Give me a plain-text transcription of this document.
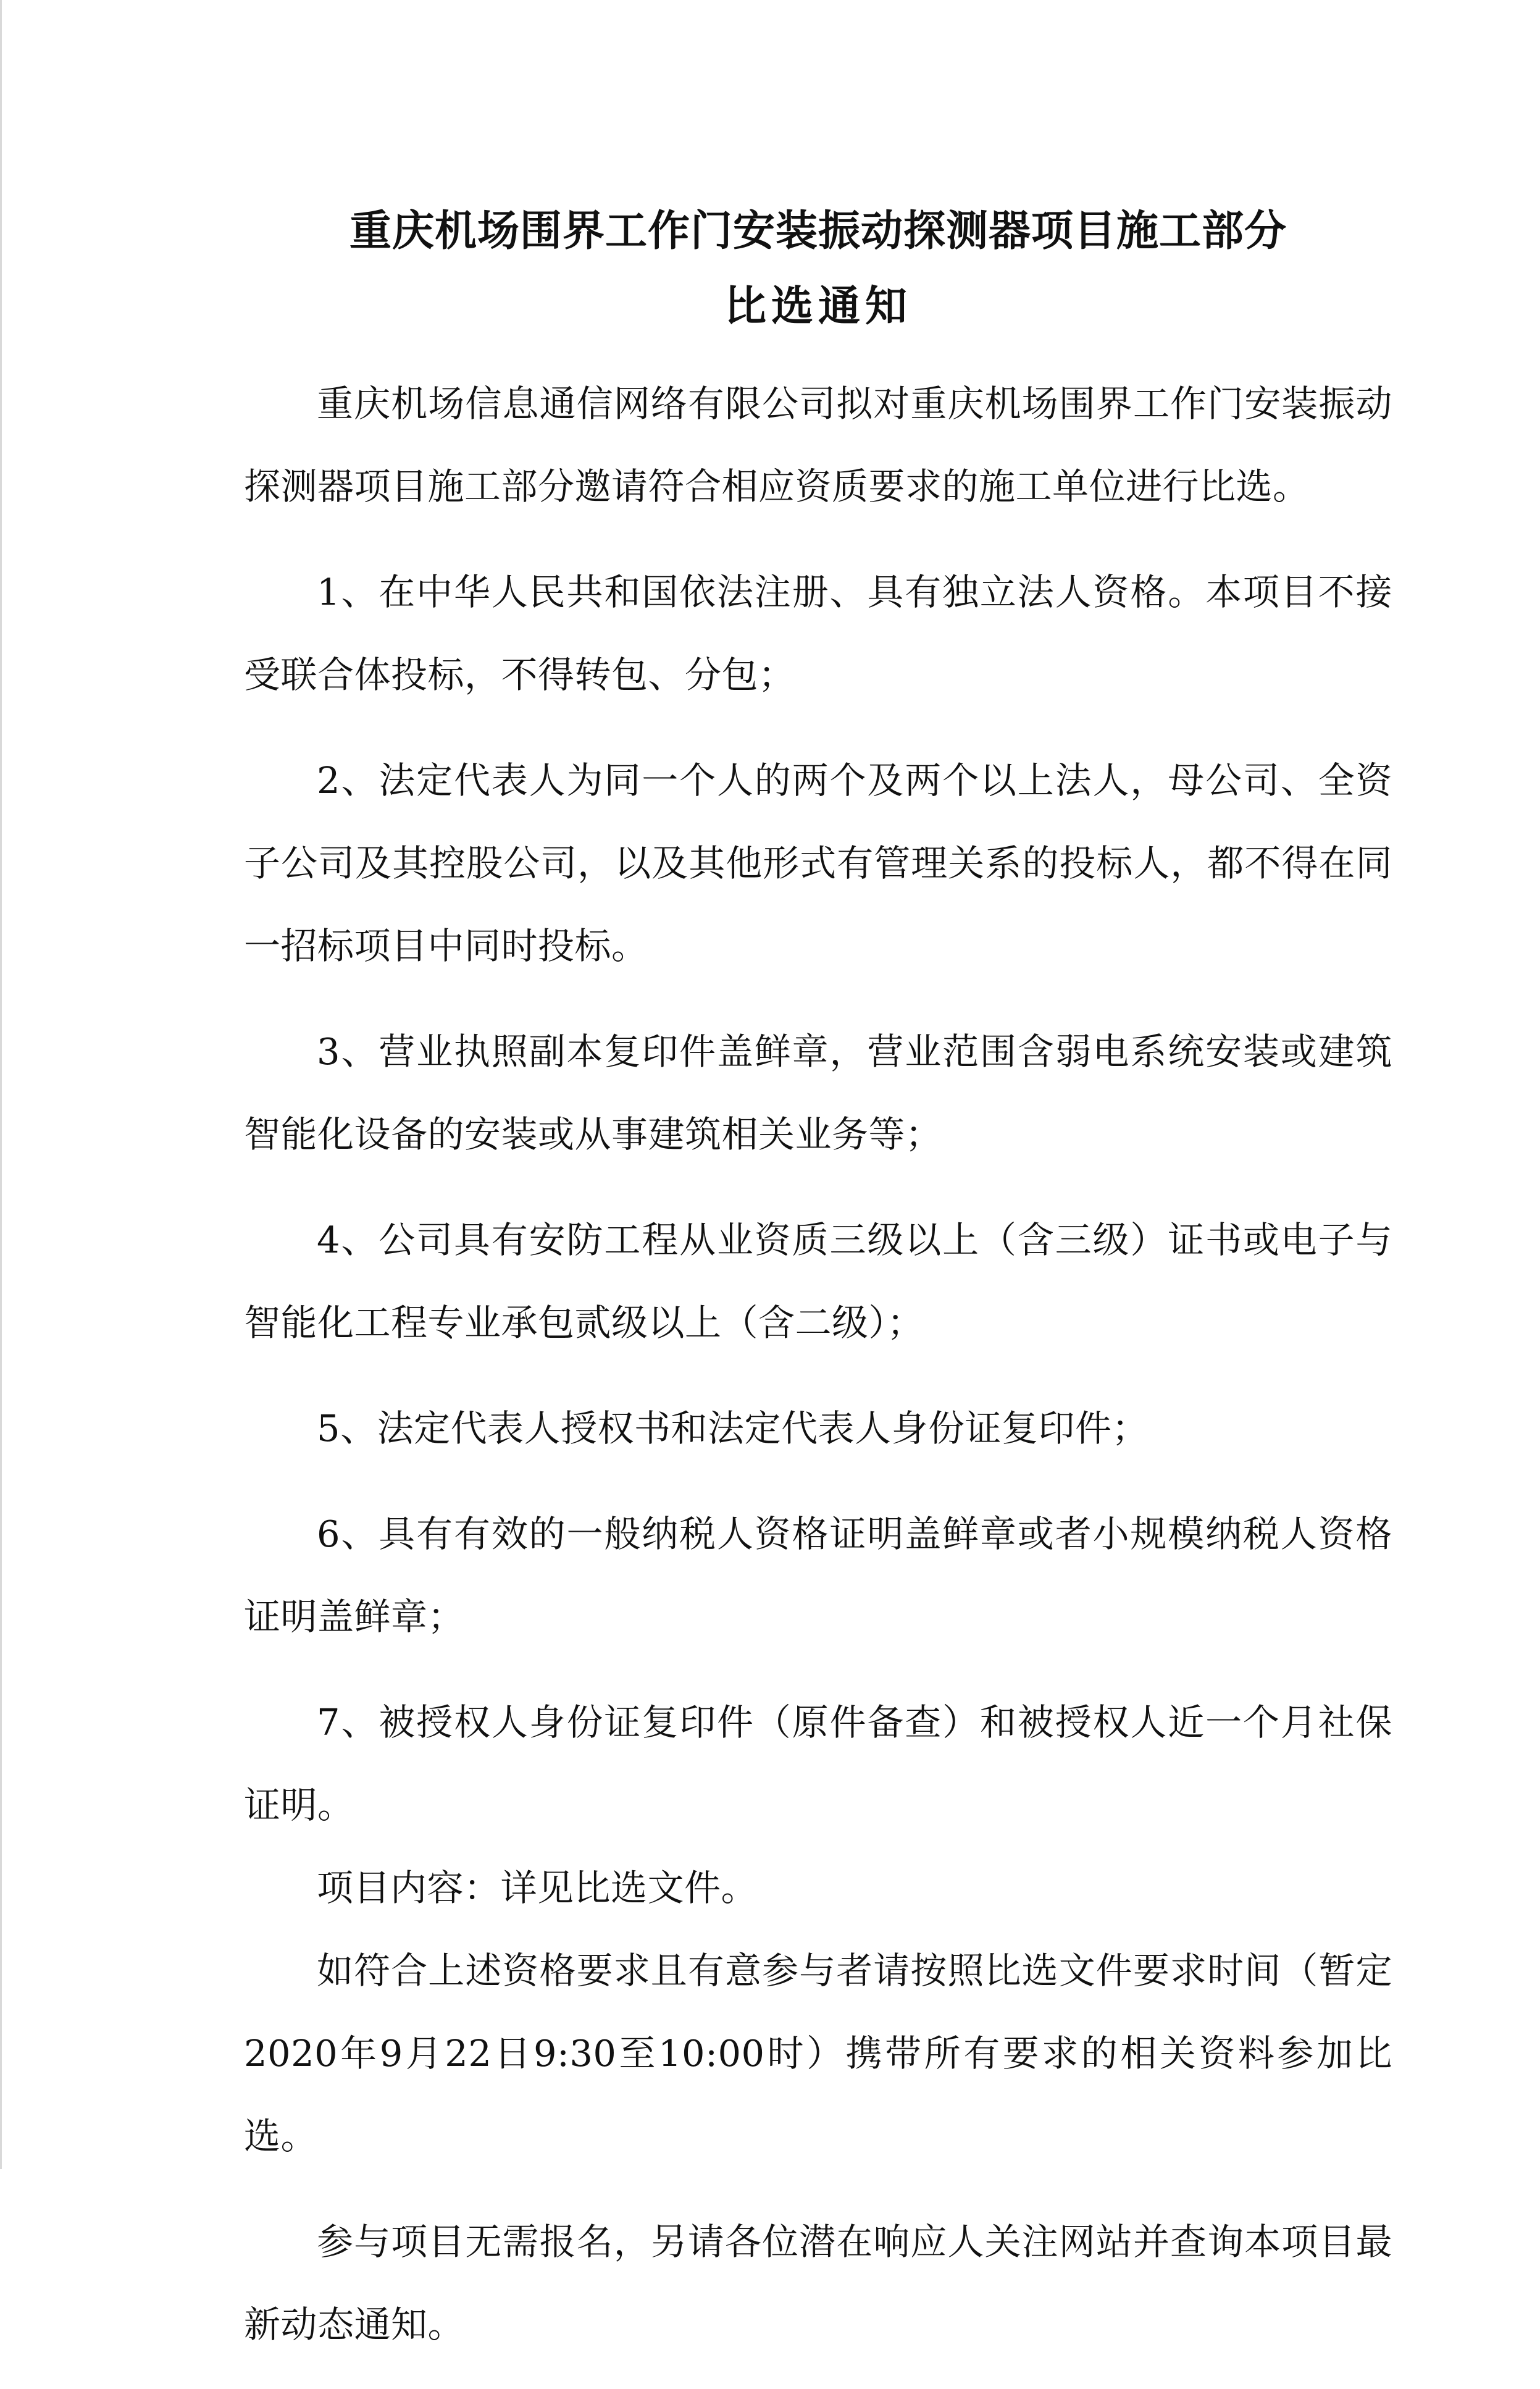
重庆机场围界工作门安装振动探测器项目施工部分
比选通知

重庆机场信息通信网络有限公司拟对重庆机场围界工作门安装振动探测器项目施工部分邀请符合相应资质要求的施工单位进行比选。

1、在中华人民共和国依法注册、具有独立法人资格。本项目不接受联合体投标，不得转包、分包；

2、法定代表人为同一个人的两个及两个以上法人，母公司、全资子公司及其控股公司，以及其他形式有管理关系的投标人，都不得在同一招标项目中同时投标。

3、营业执照副本复印件盖鲜章，营业范围含弱电系统安装或建筑智能化设备的安装或从事建筑相关业务等；

4、公司具有安防工程从业资质三级以上（含三级）证书或电子与智能化工程专业承包贰级以上（含二级）；

5、法定代表人授权书和法定代表人身份证复印件；

6、具有有效的一般纳税人资格证明盖鲜章或者小规模纳税人资格证明盖鲜章；

7、被授权人身份证复印件（原件备查）和被授权人近一个月社保证明。

项目内容：详见比选文件。

如符合上述资格要求且有意参与者请按照比选文件要求时间（暂定2020年9月22日9:30至10:00时）携带所有要求的相关资料参加比选。

参与项目无需报名，另请各位潜在响应人关注网站并查询本项目最新动态通知。
